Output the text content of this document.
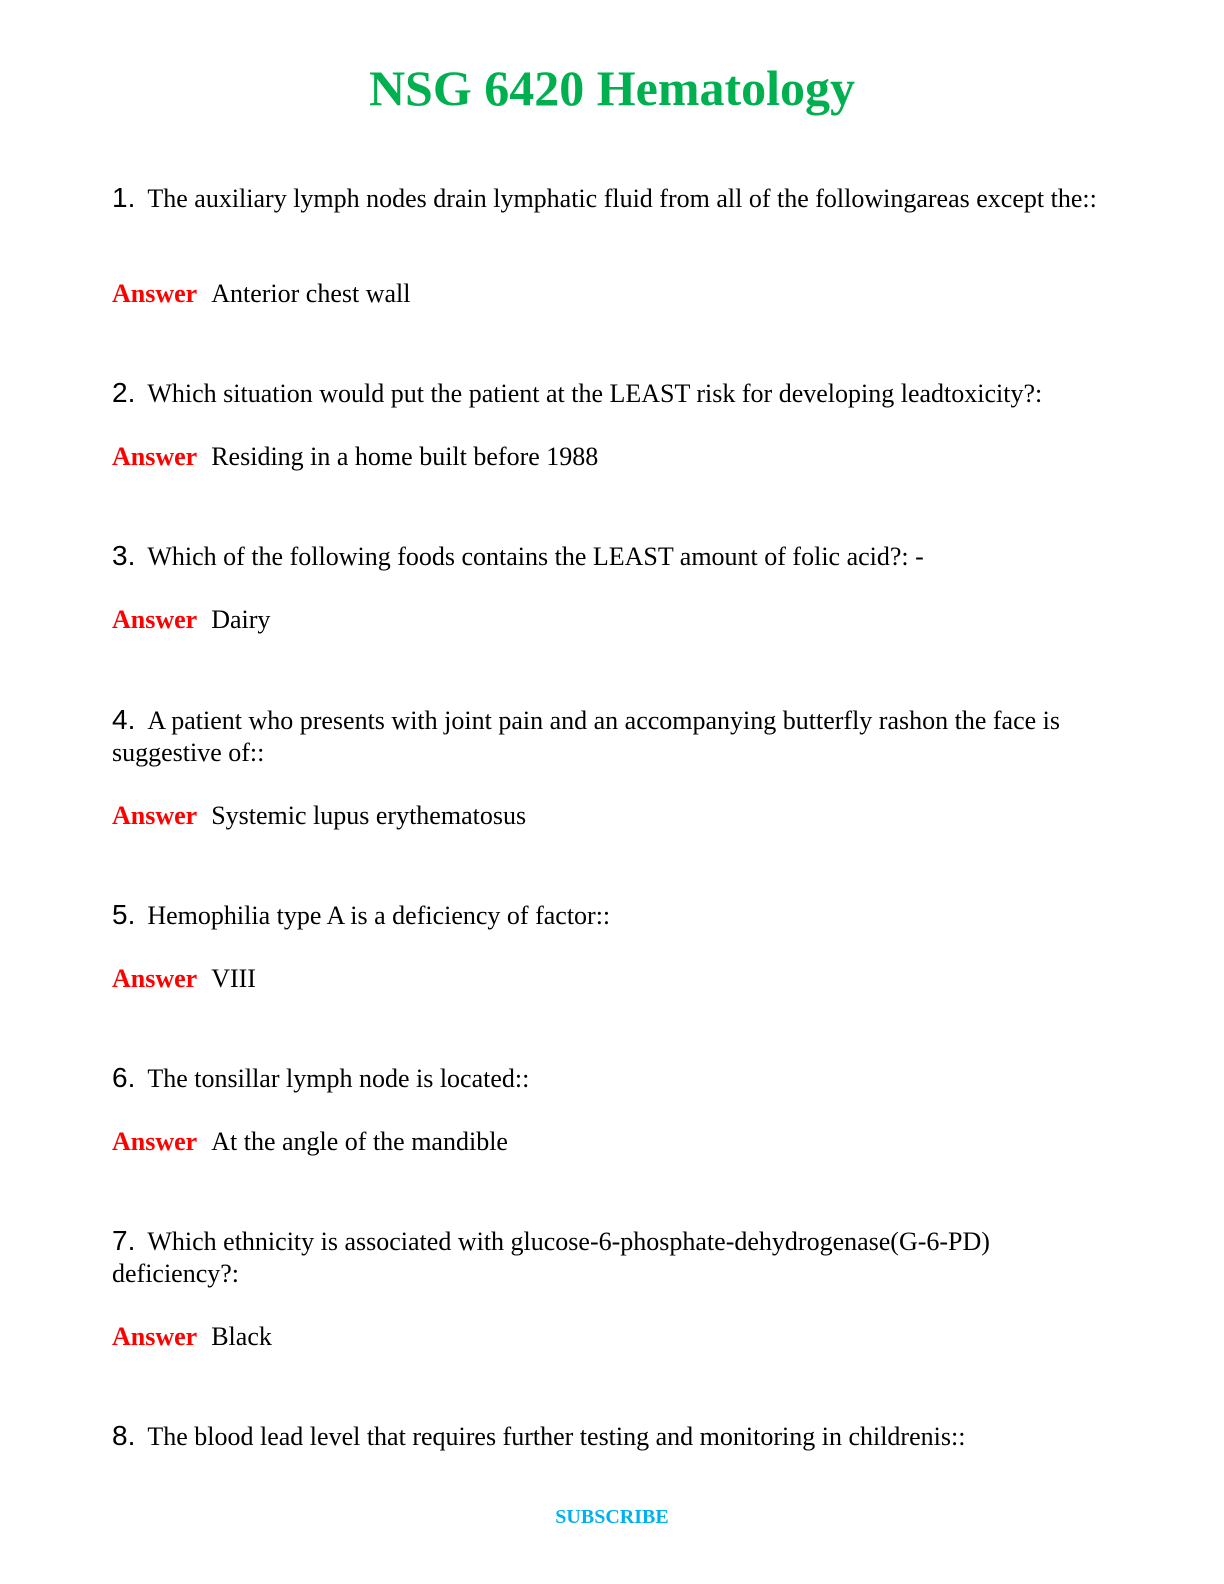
NSG 6420 Hematology

1. The auxiliary lymph nodes drain lymphatic fluid from all of the followingareas except the::

Answer Anterior chest wall

2. Which situation would put the patient at the LEAST risk for developing leadtoxicity?:

Answer Residing in a home built before 1988

3. Which of the following foods contains the LEAST amount of folic acid?: -

Answer Dairy

4. A patient who presents with joint pain and an accompanying butterfly rashon the face is suggestive of::

Answer Systemic lupus erythematosus

5. Hemophilia type A is a deficiency of factor::

Answer VIII

6. The tonsillar lymph node is located::

Answer At the angle of the mandible

7. Which ethnicity is associated with glucose-6-phosphate-dehydrogenase(G-6-PD) deficiency?:

Answer Black

8. The blood lead level that requires further testing and monitoring in childrenis::

SUBSCRIBE
